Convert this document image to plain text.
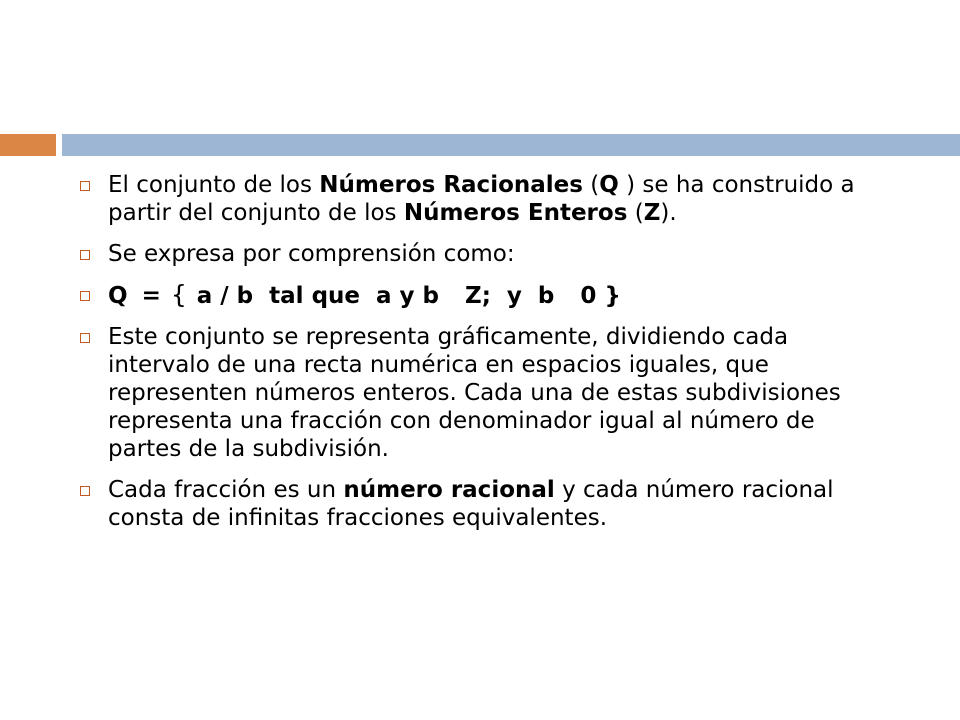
El conjunto de los Números Racionales (Q ) se ha construido a partir del conjunto de los Números Enteros (Z).
Se expresa por comprensión como:
Q = { a / b tal que a y b Z; y  b 0 }
Este conjunto se representa gráficamente, dividiendo cada intervalo de una recta numérica en espacios iguales, que representen números enteros. Cada una de estas subdivisiones representa una fracción con denominador igual al número de partes de la subdivisión.
Cada fracción es un número racional y cada número racional consta de infinitas fracciones equivalentes.
